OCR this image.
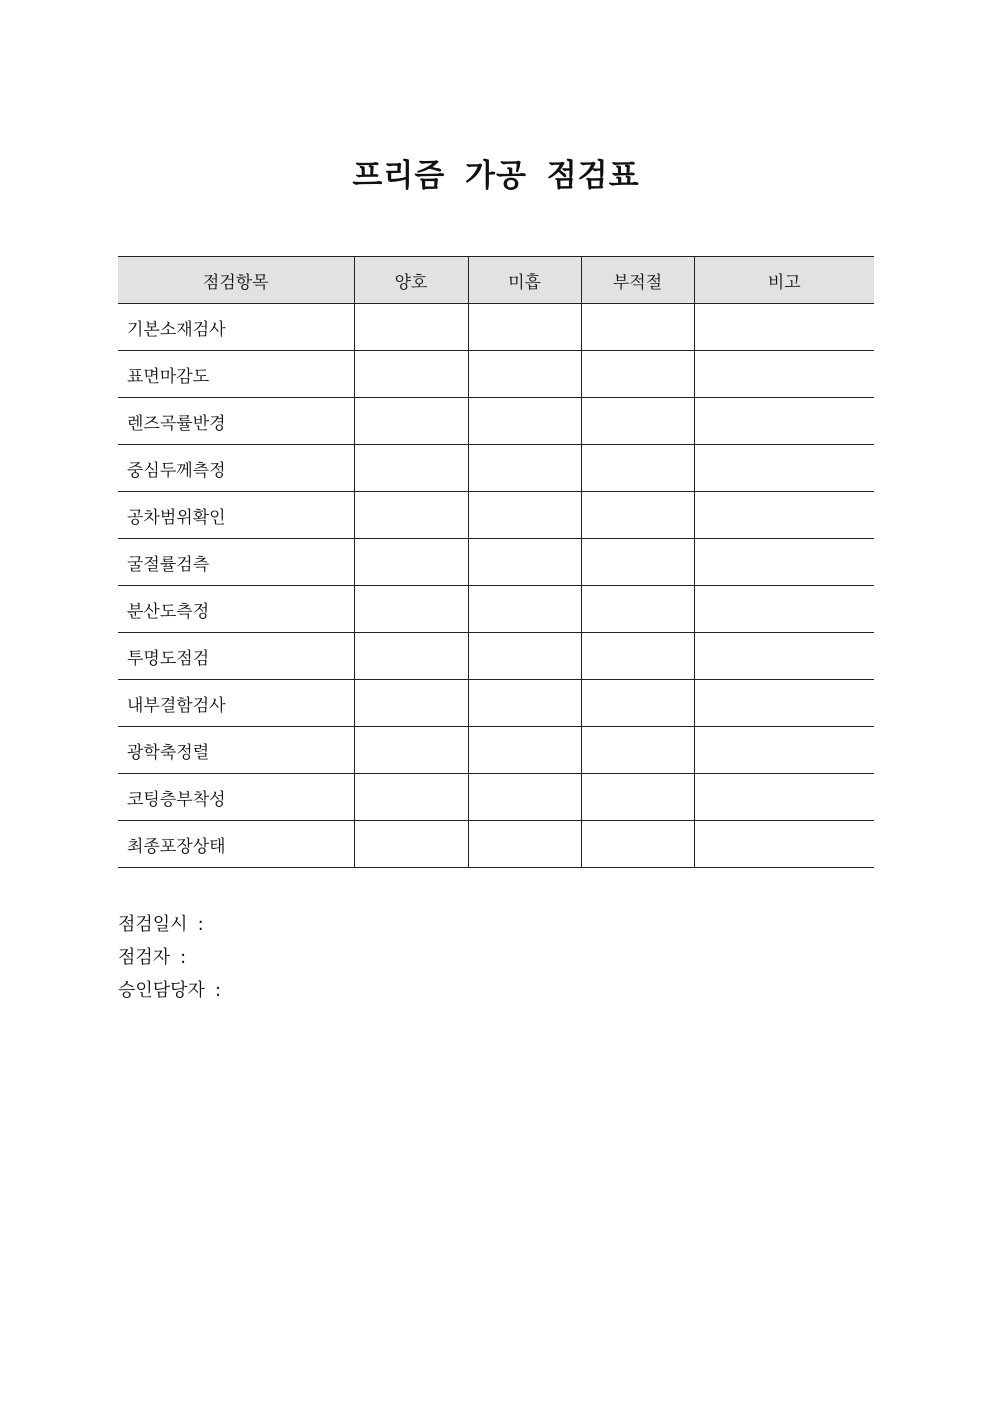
프리즘 가공 점검표
점검항목	양호	미흡	부적절	비고
기본소재검사				
표면마감도				
렌즈곡률반경				
중심두께측정				
공차범위확인				
굴절률검측				
분산도측정				
투명도점검				
내부결함검사				
광학축정렬				
코팅층부착성				
최종포장상태				
점검일시 :
점검자 :
승인담당자 :
